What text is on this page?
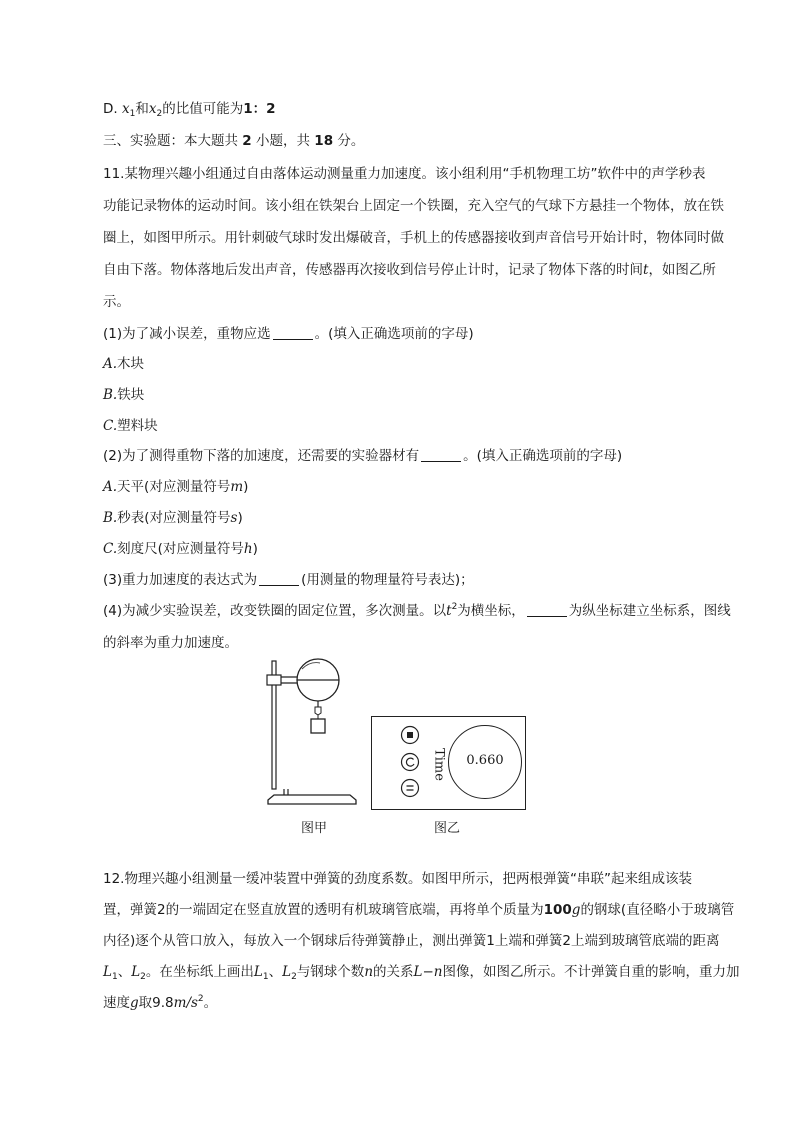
D. $x_1$和$x_2$的比值可能为1：2
三、实验题：本大题共 2 小题，共 18 分。
11.某物理兴趣小组通过自由落体运动测量重力加速度。该小组利用“手机物理工坊”软件中的声学秒表
功能记录物体的运动时间。该小组在铁架台上固定一个铁圈，充入空气的气球下方悬挂一个物体，放在铁
圈上，如图甲所示。用针刺破气球时发出爆破音，手机上的传感器接收到声音信号开始计时，物体同时做
自由下落。物体落地后发出声音，传感器再次接收到信号停止计时，记录了物体下落的时间t，如图乙所
示。
(1)为了减小误差，重物应选	。(填入正确选项前的字母)
A.木块
B.铁块
C.塑料块
(2)为了测得重物下落的加速度，还需要的实验器材有	。(填入正确选项前的字母)
A.天平(对应测量符号m)
B.秒表(对应测量符号s)
C.刻度尺(对应测量符号h)
(3)重力加速度的表达式为	(用测量的物理量符号表达)；
(4)为减少实验误差，改变铁圈的固定位置，多次测量。以$t^2$为横坐标，	为纵坐标建立坐标系，图线
的斜率为重力加速度。
Time	0.660
图甲	图乙
12.物理兴趣小组测量一缓冲装置中弹簧的劲度系数。如图甲所示，把两根弹簧“串联”起来组成该装
置，弹簧2的一端固定在竖直放置的透明有机玻璃管底端，再将单个质量为100g的钢球(直径略小于玻璃管
内径)逐个从管口放入，每放入一个钢球后待弹簧静止，测出弹簧1上端和弹簧2上端到玻璃管底端的距离
$L_1$、$L_2$。在坐标纸上画出$L_1$、$L_2$与钢球个数n的关系L−n图像，如图乙所示。不计弹簧自重的影响，重力加
速度g取$9.8m/s^2$。
